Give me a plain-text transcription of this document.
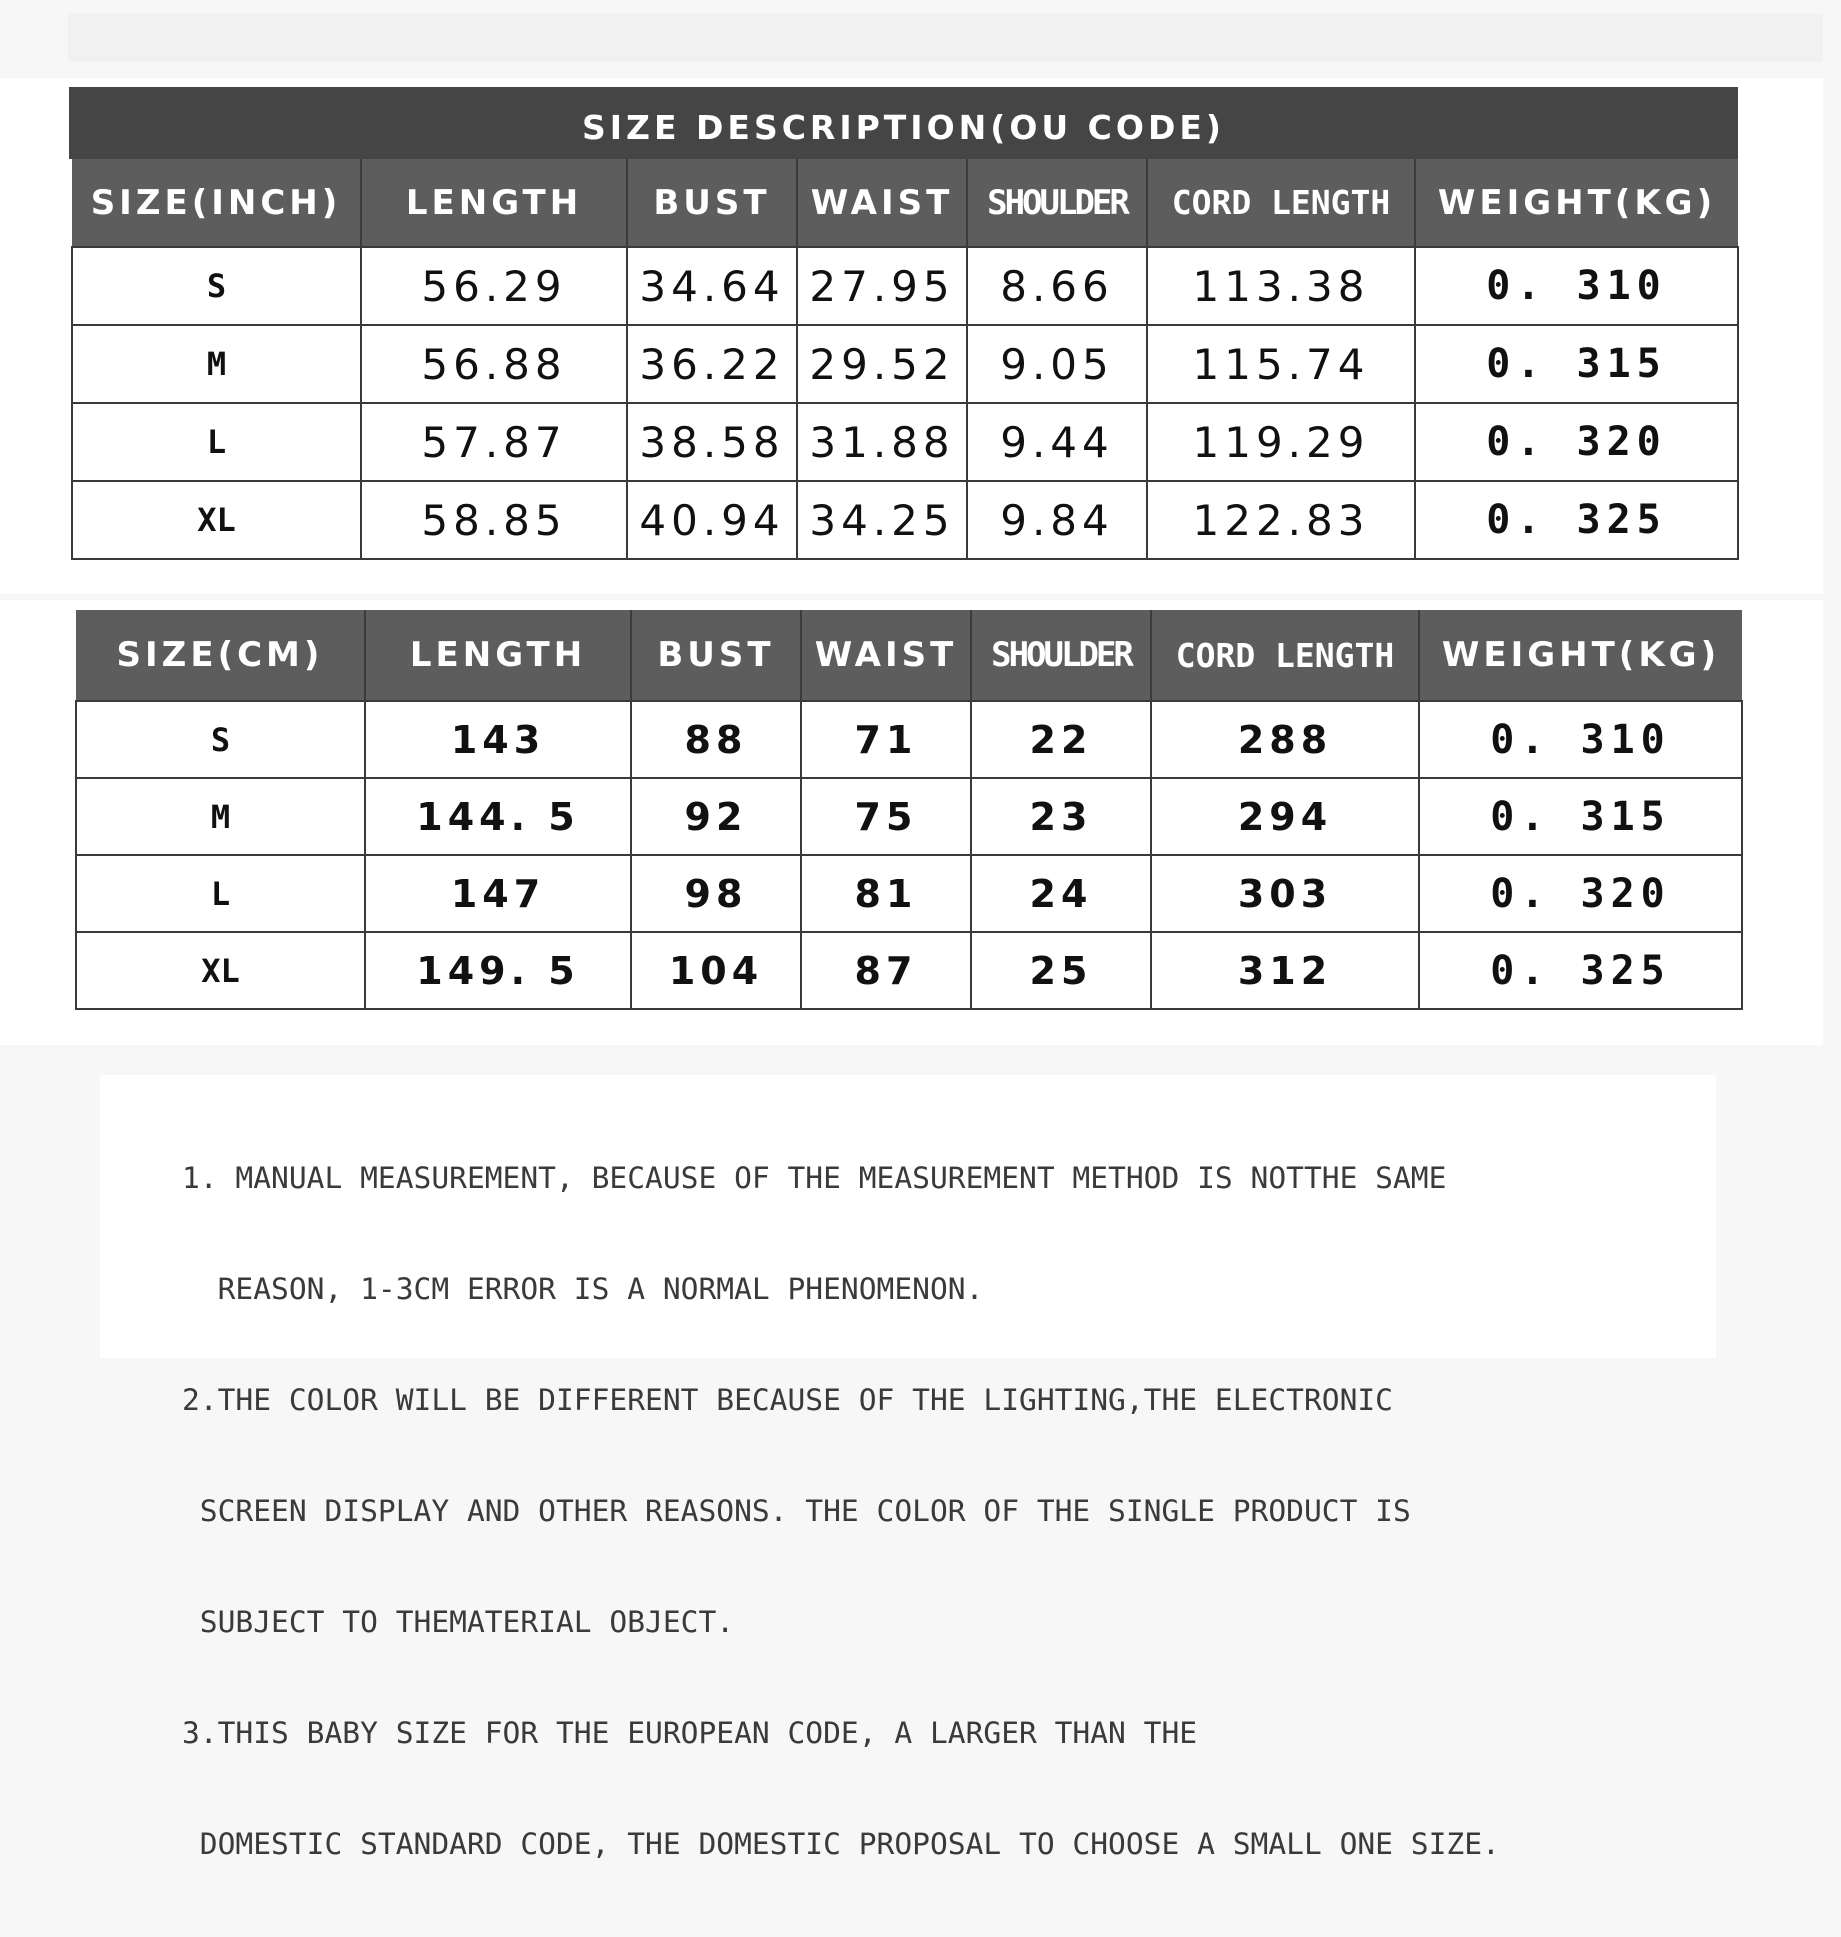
SIZE DESCRIPTION(OU CODE)
SIZE(INCH)	LENGTH	BUST	WAIST	SHOULDER	CORD LENGTH	WEIGHT(KG)
S	56.29	34.64	27.95	8.66	113.38	0. 310
M	56.88	36.22	29.52	9.05	115.74	0. 315
L	57.87	38.58	31.88	9.44	119.29	0. 320
XL	58.85	40.94	34.25	9.84	122.83	0. 325
SIZE(CM)	LENGTH	BUST	WAIST	SHOULDER	CORD LENGTH	WEIGHT(KG)
S	143	88	71	22	288	0. 310
M	144. 5	92	75	23	294	0. 315
L	147	98	81	24	303	0. 320
XL	149. 5	104	87	25	312	0. 325

1. MANUAL MEASUREMENT, BECAUSE OF THE MEASUREMENT METHOD IS NOTTHE SAME

REASON, 1-3CM ERROR IS A NORMAL PHENOMENON.

2.THE COLOR WILL BE DIFFERENT BECAUSE OF THE LIGHTING,THE ELECTRONIC

SCREEN DISPLAY AND OTHER REASONS. THE COLOR OF THE SINGLE PRODUCT IS

SUBJECT TO THEMATERIAL OBJECT.

3.THIS BABY SIZE FOR THE EUROPEAN CODE, A LARGER THAN THE

DOMESTIC STANDARD CODE, THE DOMESTIC PROPOSAL TO CHOOSE A SMALL ONE SIZE.
